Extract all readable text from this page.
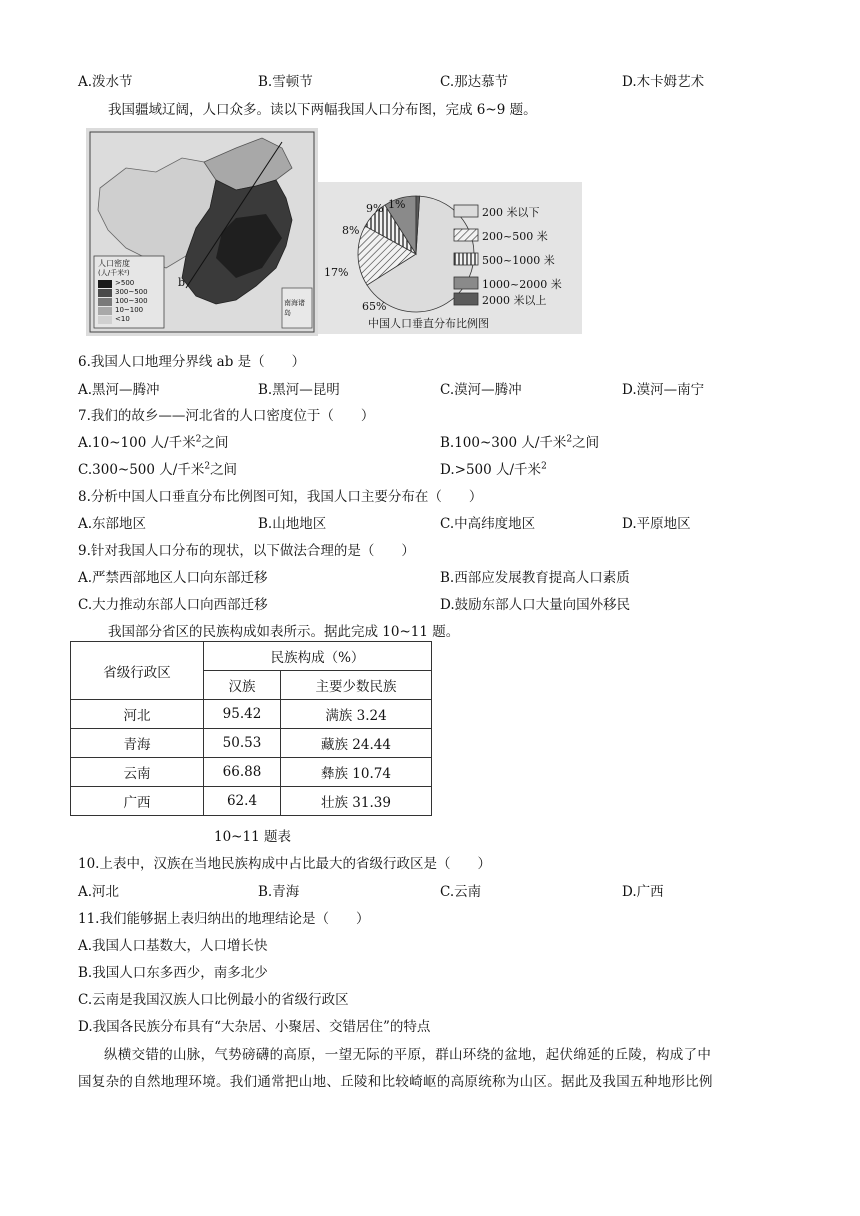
A.泼水节	B.雪顿节	C.那达慕节	D.木卡姆艺术
我国疆域辽阔，人口众多。读以下两幅我国人口分布图，完成 6~9 题。
人口密度
(人/千米²)
>500
300~500
100~300
10~100
<10
b
南海诸岛	65%
17%
8%
9% 1%
200 米以下
200~500 米
500~1000 米
1000~2000 米
2000 米以上
中国人口垂直分布比例图
6.我国人口地理分界线 ab 是（　　）
A.黑河—腾冲	B.黑河—昆明	C.漠河—腾冲	D.漠河—南宁
7.我们的故乡——河北省的人口密度位于（　　）
A.10~100 人/千米$^2$之间	B.100~300 人/千米$^2$之间
C.300~500 人/千米$^2$之间	D.>500 人/千米$^2$
8.分析中国人口垂直分布比例图可知，我国人口主要分布在（　　）
A.东部地区	B.山地地区	C.中高纬度地区	D.平原地区
9.针对我国人口分布的现状，以下做法合理的是（　　）
A.严禁西部地区人口向东部迁移	B.西部应发展教育提高人口素质
C.大力推动东部人口向西部迁移	D.鼓励东部人口大量向国外移民
我国部分省区的民族构成如表所示。据此完成 10~11 题。
省级行政区	民族构成（%）	
	汉族	主要少数民族
河北	95.42	满族 3.24
青海	50.53	藏族 24.44
云南	66.88	彝族 10.74
广西	62.4	壮族 31.39
10~11 题表
10.上表中，汉族在当地民族构成中占比最大的省级行政区是（　　）
A.河北	B.青海	C.云南	D.广西
11.我们能够据上表归纳出的地理结论是（　　）
A.我国人口基数大，人口增长快
B.我国人口东多西少，南多北少
C.云南是我国汉族人口比例最小的省级行政区
D.我国各民族分布具有“大杂居、小聚居、交错居住”的特点
纵横交错的山脉，气势磅礴的高原，一望无际的平原，群山环绕的盆地，起伏绵延的丘陵，构成了中
国复杂的自然地理环境。我们通常把山地、丘陵和比较崎岖的高原统称为山区。据此及我国五种地形比例
